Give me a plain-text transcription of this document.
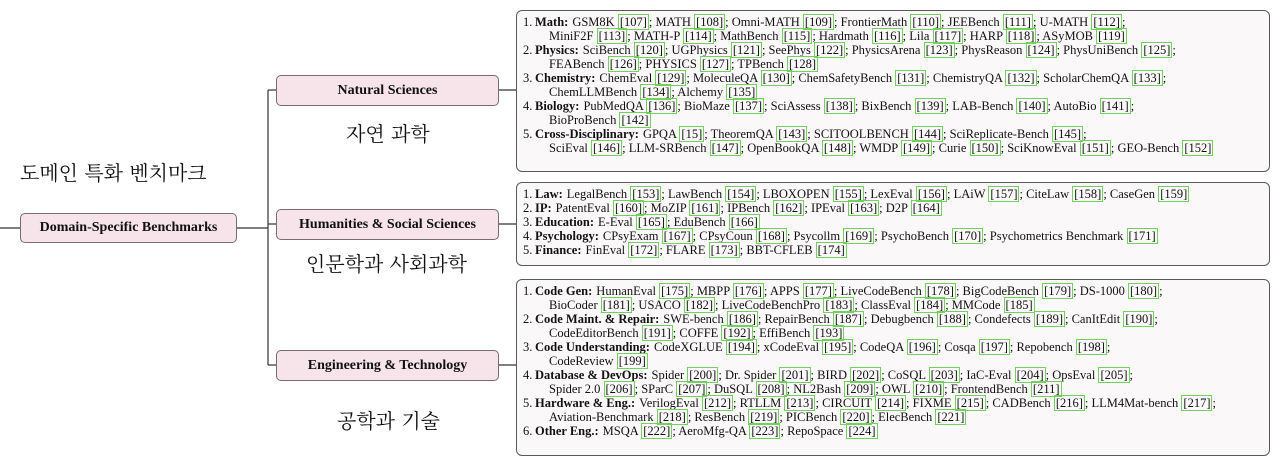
Domain-Specific Benchmarks
도메인 특화 벤치마크
Natural Sciences
자연 과학
Humanities & Social Sciences
인문학과 사회과학
Engineering & Technology
공학과 기술
1. Math: GSM8K [107] ; MATH [108] ; Omni-MATH [109] ; FrontierMath [110] ; JEEBench [111] ; U-MATH [112] ;
MiniF2F [113] ; MATH-P [114] ; MathBench [115] ; Hardmath [116] ; Lila [117] ; HARP [118] ; ASyMOB [119]
2. Physics: SciBench [120] ; UGPhysics [121] ; SeePhys [122] ; PhysicsArena [123] ; PhysReason [124] ; PhysUniBench [125] ;
FEABench [126] ; PHYSICS [127] ; TPBench [128]
3. Chemistry: ChemEval [129] ; MoleculeQA [130] ; ChemSafetyBench [131] ; ChemistryQA [132] ; ScholarChemQA [133] ;
ChemLLMBench [134] ; Alchemy [135]
4. Biology: PubMedQA [136] ; BioMaze [137] ; SciAssess [138] ; BixBench [139] ; LAB-Bench [140] ; AutoBio [141] ;
BioProBench [142]
5. Cross-Disciplinary: GPQA [15] ; TheoremQA [143] ; SCITOOLBENCH [144] ; SciReplicate-Bench [145] ;
SciEval [146] ; LLM-SRBench [147] ; OpenBookQA [148] ; WMDP [149] ; Curie [150] ; SciKnowEval [151] ; GEO-Bench [152]
1. Law: LegalBench [153] ; LawBench [154] ; LBOXOPEN [155] ; LexEval [156] ; LAiW [157] ; CiteLaw [158] ; CaseGen [159]
2. IP: PatentEval [160] ; MoZIP [161] ; IPBench [162] ; IPEval [163] ; D2P [164]
3. Education: E-Eval [165] ; EduBench [166]
4. Psychology: CPsyExam [167] ; CPsyCoun [168] ; Psycollm [169] ; PsychoBench [170] ; Psychometrics Benchmark [171]
5. Finance: FinEval [172] ; FLARE [173] ; BBT-CFLEB [174]
1. Code Gen: HumanEval [175] ; MBPP [176] ; APPS [177] ; LiveCodeBench [178] ; BigCodeBench [179] ; DS-1000 [180] ;
BioCoder [181] ; USACO [182] ; LiveCodeBenchPro [183] ; ClassEval [184] ; MMCode [185]
2. Code Maint. & Repair: SWE-bench [186] ; RepairBench [187] ; Debugbench [188] ; Condefects [189] ; CanItEdit [190] ;
CodeEditorBench [191] ; COFFE [192] ; EffiBench [193]
3. Code Understanding: CodeXGLUE [194] ; xCodeEval [195] ; CodeQA [196] ; Cosqa [197] ; Repobench [198] ;
CodeReview [199]
4. Database & DevOps: Spider [200] ; Dr. Spider [201] ; BIRD [202] ; CoSQL [203] ; IaC-Eval [204] ; OpsEval [205] ;
Spider 2.0 [206] ; SParC [207] ; DuSQL [208] ; NL2Bash [209] ; OWL [210] ; FrontendBench [211]
5. Hardware & Eng.: VerilogEval [212] ; RTLLM [213] ; CIRCUIT [214] ; FIXME [215] ; CADBench [216] ; LLM4Mat-bench [217] ;
Aviation-Benchmark [218] ; ResBench [219] ; PICBench [220] ; ElecBench [221]
6. Other Eng.: MSQA [222] ; AeroMfg-QA [223] ; RepoSpace [224]
